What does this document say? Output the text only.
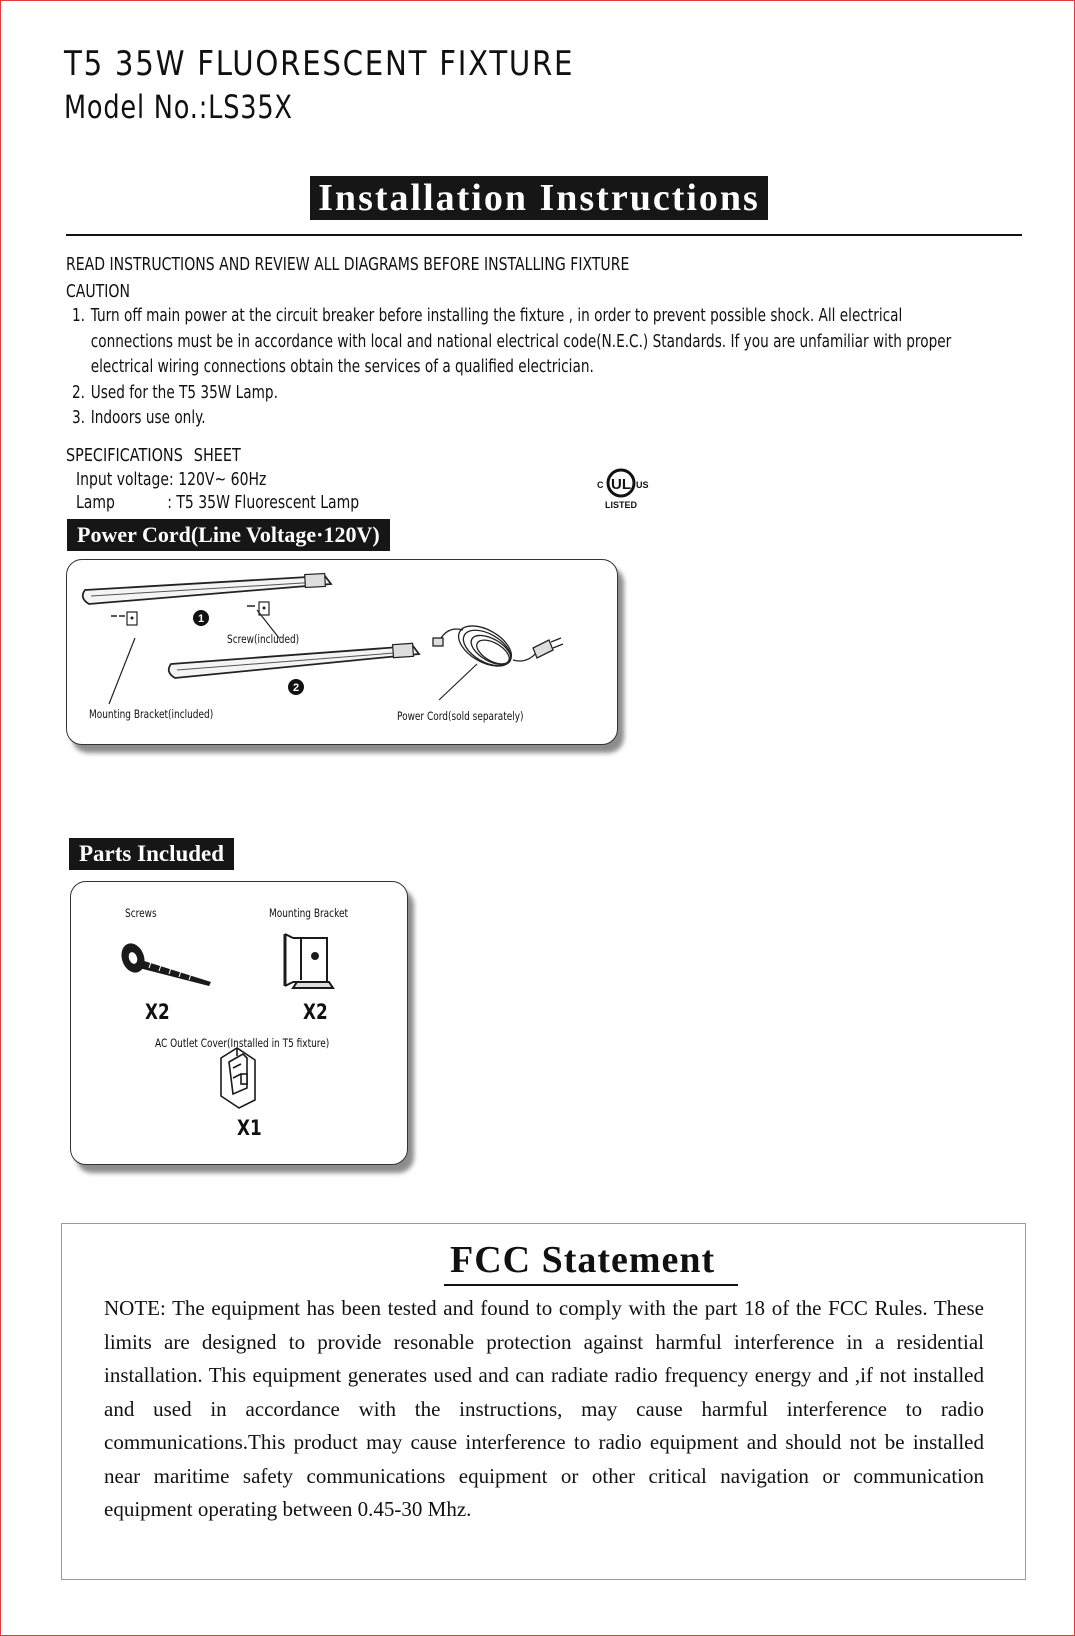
T5 35W FLUORESCENT FIXTURE
Model No.:LS35X
Installation Instructions
READ INSTRUCTIONS AND REVIEW ALL DIAGRAMS BEFORE INSTALLING FIXTURE
CAUTION
1. Turn off main power at the circuit breaker before installing the fixture , in order to prevent possible shock. All electrical connections must be in accordance with local and national electrical code(N.E.C.) Standards. If you are unfamiliar with proper electrical wiring connections obtain the services of a qualified electrician.
2. Used for the T5 35W Lamp.
3. Indoors use only.
SPECIFICATIONS SHEET
Input voltage: 120V~ 60Hz
Lamp	: T5 35W Fluorescent Lamp
UL
C	US
LISTED
Power Cord(Line Voltage·120V)
1
2
Screw(included)
Mounting Bracket(included)	Power Cord(sold separately)
Parts Included
Screws
X2
Mounting Bracket
X2
AC Outlet Cover(Installed in T5 fixture)
X1
FCC Statement

NOTE: The equipment has been tested and found to comply with the part 18 of the FCC Rules. These limits are designed to provide resonable protection against harmful interference in a residential installation. This equipment generates used and can radiate radio frequency energy and ,if not installed and used in accordance with the instructions, may cause harmful interference to radio communications.This product may cause interference to radio equipment and should not be installed near maritime safety communications equipment or other critical navigation or communication equipment operating between 0.45-30 Mhz.
